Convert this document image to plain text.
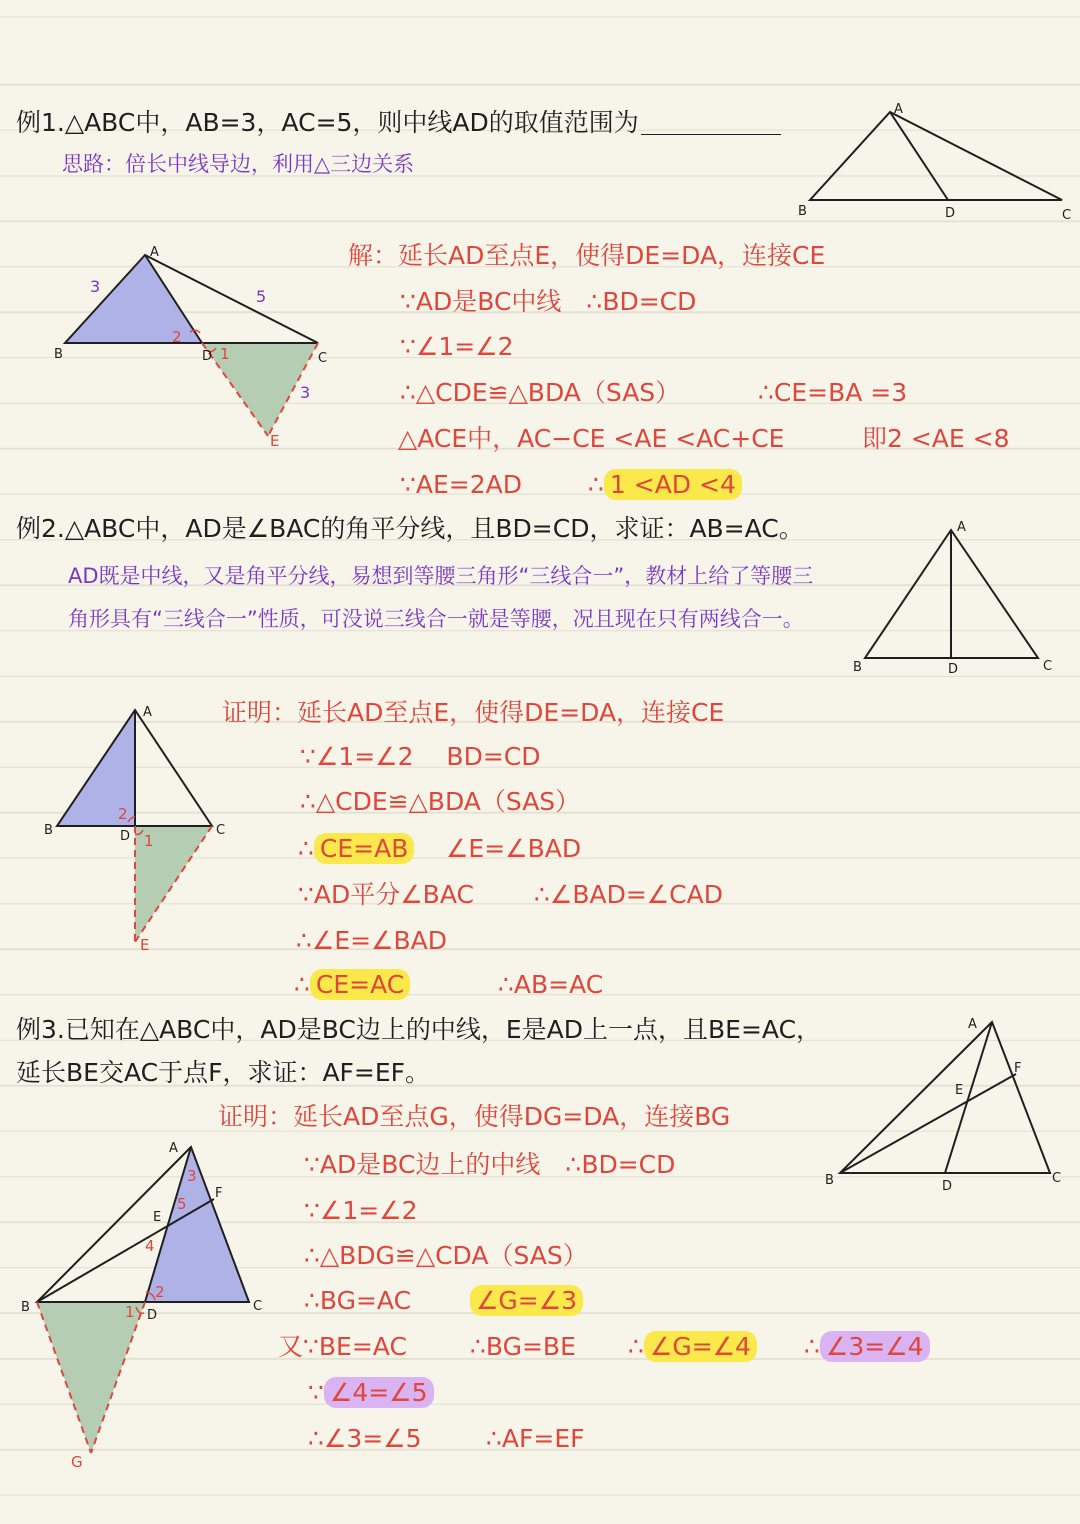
例1.△ABC中，AB=3，AC=5，则中线AD的取值范围为
思路：倍长中线导边，利用△三边关系
A
B	D	C
A
B	D	C
E
3
5
3
2
1
解：延长AD至点E，使得DE=DA，连接CE
∵AD是BC中线　∴BD=CD
∵∠1=∠2
∴△CDE≌△BDA（SAS）	∴CE=BA =3
△ACE中，AC−CE <AE <AC+CE	即2 <AE <8
∵AE=2AD	∴ 1 <AD <4
例2.△ABC中，AD是∠BAC的角平分线，且BD=CD，求证：AB=AC。
AD既是中线，又是角平分线，易想到等腰三角形“三线合一”，教材上给了等腰三
角形具有“三线合一”性质，可没说三线合一就是等腰，况且现在只有两线合一。
A
B	D	C
A
B	D	C
E
2
1
证明：延长AD至点E，使得DE=DA，连接CE
∵∠1=∠2　 BD=CD
∴△CDE≌△BDA（SAS）
∴ CE=AB ∠E=∠BAD
∵AD平分∠BAC ∴∠BAD=∠CAD
∴∠E=∠BAD
∴ CE=AC	∴AB=AC
例3.已知在△ABC中，AD是BC边上的中线，E是AD上一点，且BE=AC，
延长BE交AC于点F，求证：AF=EF。
A
B	D
C
E
F
A
B
D
C
E
F
G
1
2
3
4
5
证明：延长AD至点G，使得DG=DA，连接BG
∵AD是BC边上的中线　∴BD=CD
∵∠1=∠2
∴△BDG≌△CDA（SAS）
∴BG=AC	∠G=∠3
又∵BE=AC	∴BG=BE ∴ ∠G=∠4 ∴ ∠3=∠4
∵ ∠4=∠5
∴∠3=∠5	∴AF=EF
